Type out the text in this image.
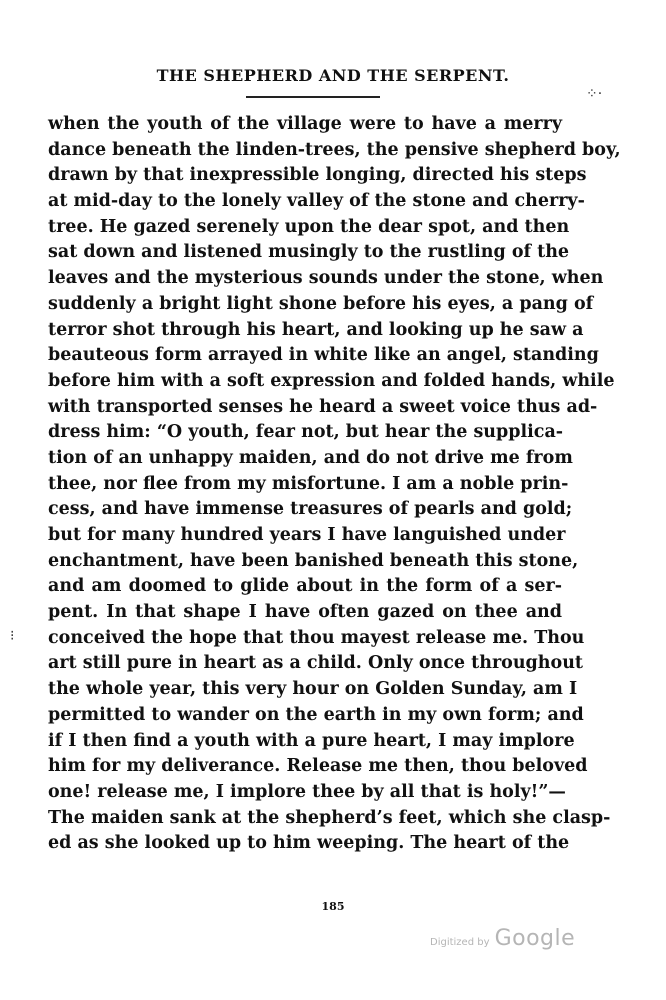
THE SHEPHERD AND THE SERPENT.
⁘·
⁝
when the youth of the village were to have a merry
dance beneath the linden-trees, the pensive shepherd boy,
drawn by that inexpressible longing, directed his steps
at mid-day to the lonely valley of the stone and cherry-
tree. He gazed serenely upon the dear spot, and then
sat down and listened musingly to the rustling of the
leaves and the mysterious sounds under the stone, when
suddenly a bright light shone before his eyes, a pang of
terror shot through his heart, and looking up he saw a
beauteous form arrayed in white like an angel, standing
before him with a soft expression and folded hands, while
with transported senses he heard a sweet voice thus ad-
dress him: “O youth, fear not, but hear the supplica-
tion of an unhappy maiden, and do not drive me from
thee, nor flee from my misfortune. I am a noble prin-
cess, and have immense treasures of pearls and gold;
but for many hundred years I have languished under
enchantment, have been banished beneath this stone,
and am doomed to glide about in the form of a ser-
pent. In that shape I have often gazed on thee and
conceived the hope that thou mayest release me. Thou
art still pure in heart as a child. Only once throughout
the whole year, this very hour on Golden Sunday, am I
permitted to wander on the earth in my own form; and
if I then find a youth with a pure heart, I may implore
him for my deliverance. Release me then, thou beloved
one! release me, I implore thee by all that is holy!”—
The maiden sank at the shepherd’s feet, which she clasp-
ed as she looked up to him weeping. The heart of the
185
Digitized by Google
